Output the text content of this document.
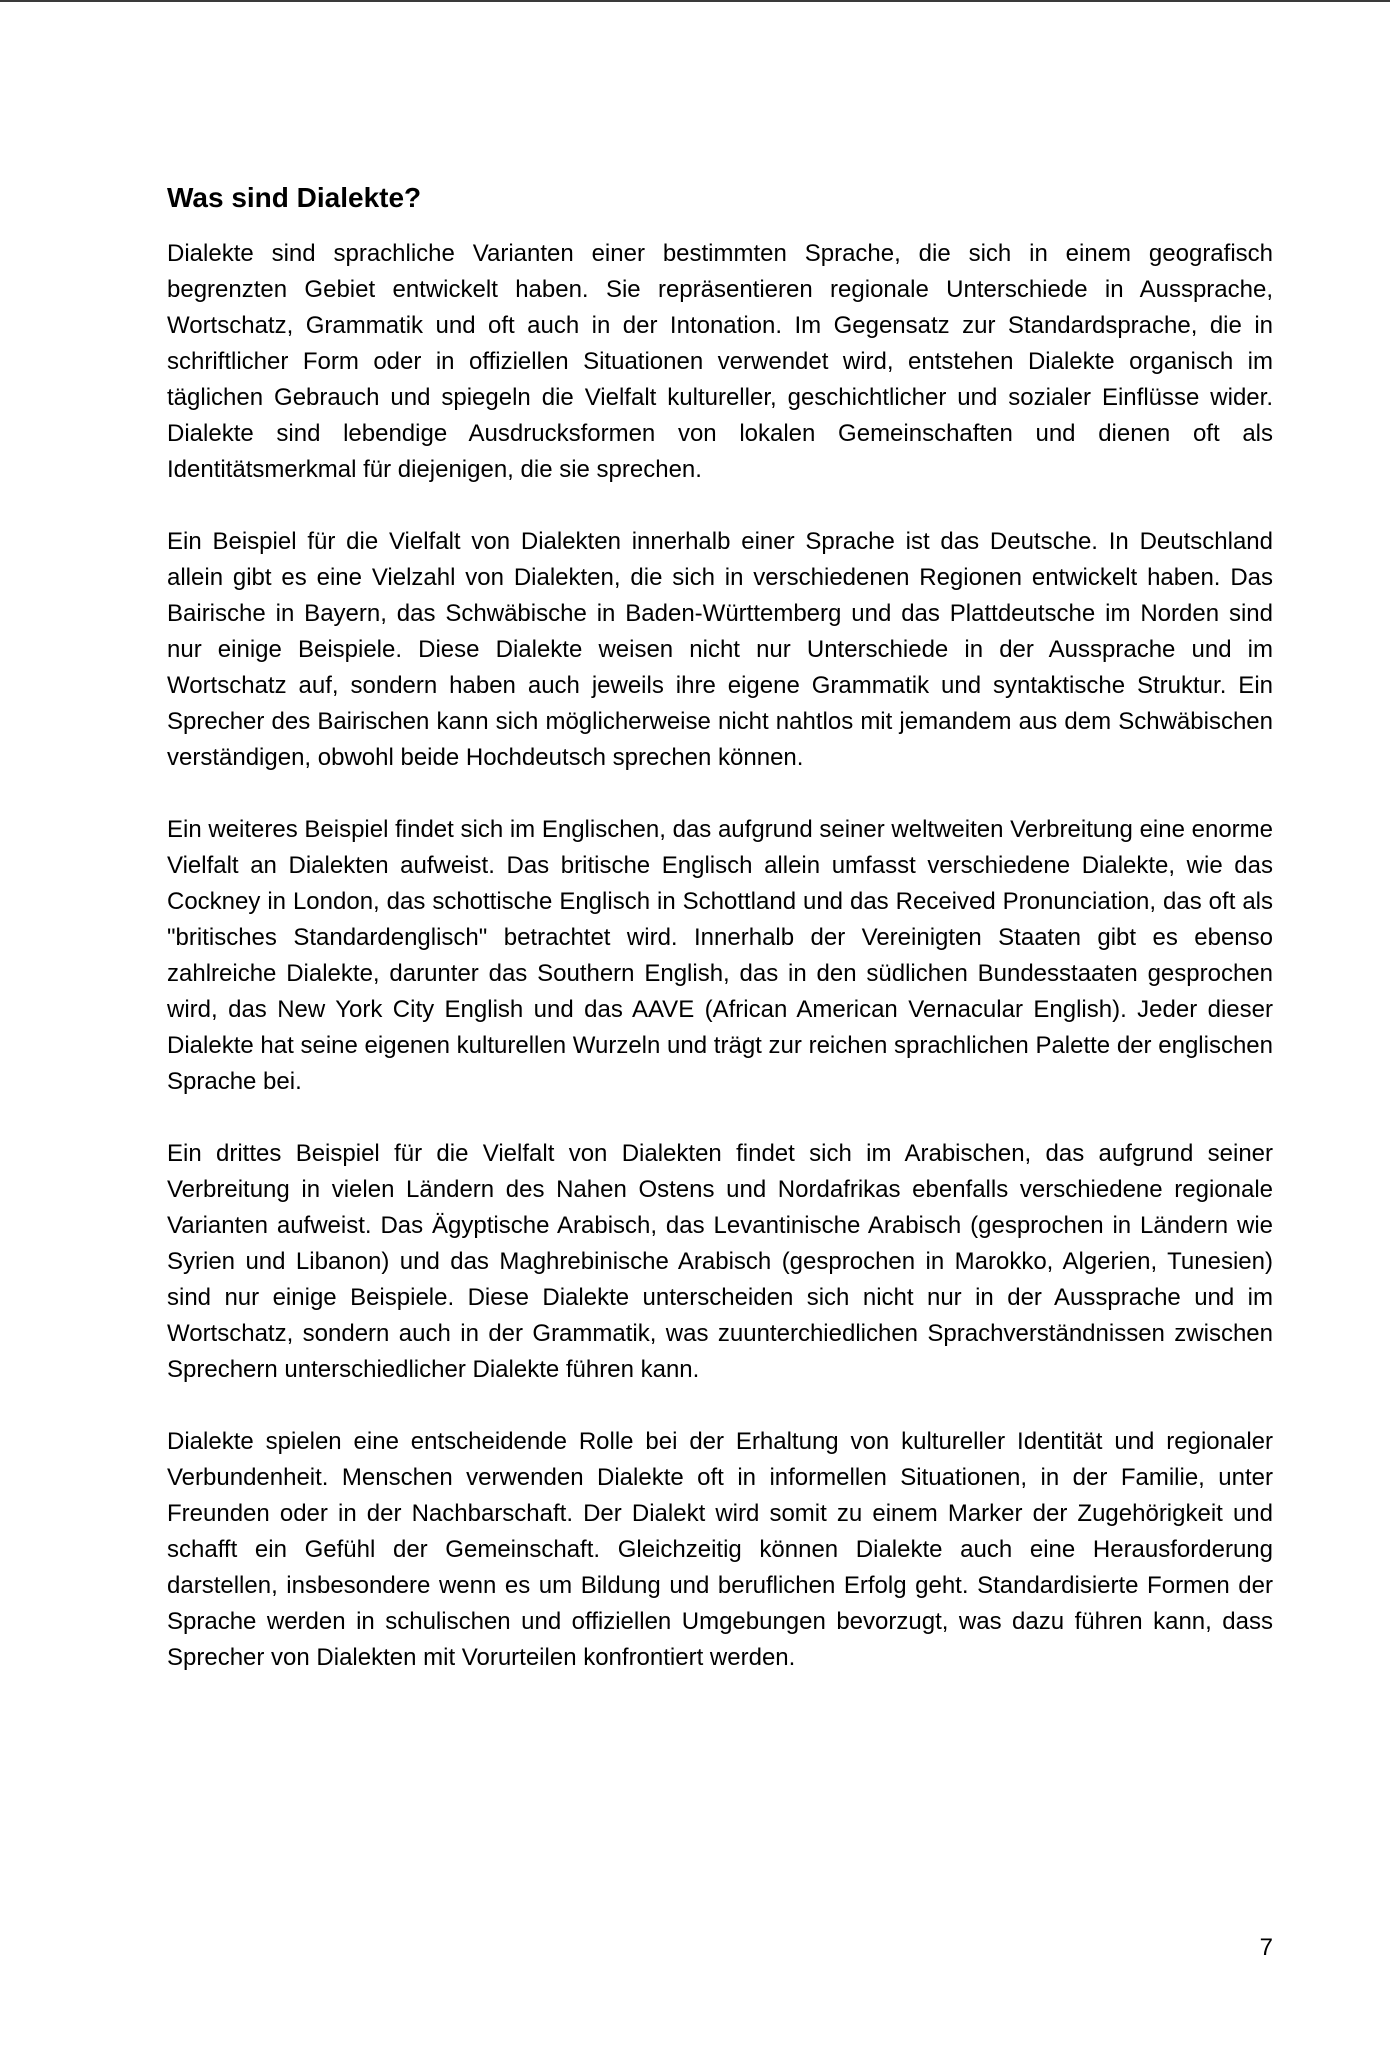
Was sind Dialekte?

Dialekte sind sprachliche Varianten einer bestimmten Sprache, die sich in einem geografisch begrenzten Gebiet entwickelt haben. Sie repräsentieren regionale Unterschiede in Aussprache, Wortschatz, Grammatik und oft auch in der Intonation. Im Gegensatz zur Standardsprache, die in schriftlicher Form oder in offiziellen Situationen verwendet wird, entstehen Dialekte organisch im täglichen Gebrauch und spiegeln die Vielfalt kultureller, geschichtlicher und sozialer Einflüsse wider. Dialekte sind lebendige Ausdrucksformen von lokalen Gemeinschaften und dienen oft als Identitätsmerkmal für diejenigen, die sie sprechen.

Ein Beispiel für die Vielfalt von Dialekten innerhalb einer Sprache ist das Deutsche. In Deutschland allein gibt es eine Vielzahl von Dialekten, die sich in verschiedenen Regionen entwickelt haben. Das Bairische in Bayern, das Schwäbische in Baden-Württemberg und das Plattdeutsche im Norden sind nur einige Beispiele. Diese Dialekte weisen nicht nur Unterschiede in der Aussprache und im Wortschatz auf, sondern haben auch jeweils ihre eigene Grammatik und syntaktische Struktur. Ein Sprecher des Bairischen kann sich möglicherweise nicht nahtlos mit jemandem aus dem Schwäbischen verständigen, obwohl beide Hochdeutsch sprechen können.

Ein weiteres Beispiel findet sich im Englischen, das aufgrund seiner weltweiten Verbreitung eine enorme Vielfalt an Dialekten aufweist. Das britische Englisch allein umfasst verschiedene Dialekte, wie das Cockney in London, das schottische Englisch in Schottland und das Received Pronunciation, das oft als "britisches Standardenglisch" betrachtet wird. Innerhalb der Vereinigten Staaten gibt es ebenso zahlreiche Dialekte, darunter das Southern English, das in den südlichen Bundesstaaten gesprochen wird, das New York City English und das AAVE (African American Vernacular English). Jeder dieser Dialekte hat seine eigenen kulturellen Wurzeln und trägt zur reichen sprachlichen Palette der englischen Sprache bei.

Ein drittes Beispiel für die Vielfalt von Dialekten findet sich im Arabischen, das aufgrund seiner Verbreitung in vielen Ländern des Nahen Ostens und Nordafrikas ebenfalls verschiedene regionale Varianten aufweist. Das Ägyptische Arabisch, das Levantinische Arabisch (gesprochen in Ländern wie Syrien und Libanon) und das Maghrebinische Arabisch (gesprochen in Marokko, Algerien, Tunesien) sind nur einige Beispiele. Diese Dialekte unterscheiden sich nicht nur in der Aussprache und im Wortschatz, sondern auch in der Grammatik, was zuunterchiedlichen Sprachverständnissen zwischen Sprechern unterschiedlicher Dialekte führen kann.

Dialekte spielen eine entscheidende Rolle bei der Erhaltung von kultureller Identität und regionaler Verbundenheit. Menschen verwenden Dialekte oft in informellen Situationen, in der Familie, unter Freunden oder in der Nachbarschaft. Der Dialekt wird somit zu einem Marker der Zugehörigkeit und schafft ein Gefühl der Gemeinschaft. Gleichzeitig können Dialekte auch eine Herausforderung darstellen, insbesondere wenn es um Bildung und beruflichen Erfolg geht. Standardisierte Formen der Sprache werden in schulischen und offiziellen Umgebungen bevorzugt, was dazu führen kann, dass Sprecher von Dialekten mit Vorurteilen konfrontiert werden.

7
